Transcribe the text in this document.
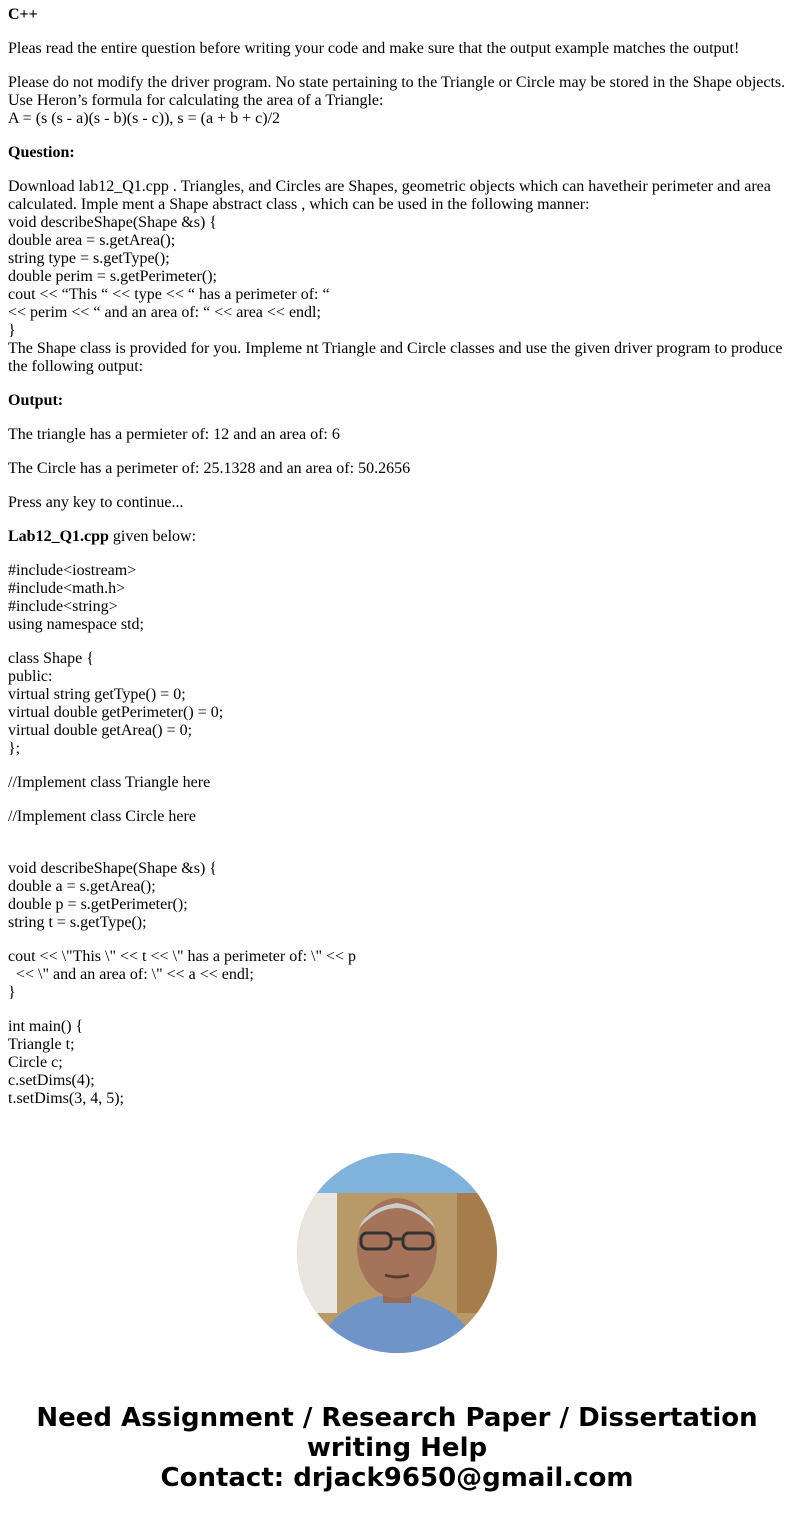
C++
Pleas read the entire question before writing your code and make sure that the output example matches the output!
Please do not modify the driver program. No state pertaining to the Triangle or Circle may be stored in the Shape objects.
Use Heron’s formula for calculating the area of a Triangle:
A = (s (s - a)(s - b)(s - c)), s = (a + b + c)/2
Question:
Download lab12_Q1.cpp . Triangles, and Circles are Shapes, geometric objects which can havetheir perimeter and area calculated. Imple ment a Shape abstract class , which can be used in the following manner:
void describeShape(Shape &s) {
double area = s.getArea();
string type = s.getType();
double perim = s.getPerimeter();
cout << “This “ << type << “ has a perimeter of: “
<< perim << “ and an area of: “ << area << endl;
}
The Shape class is provided for you. Impleme nt Triangle and Circle classes and use the given driver program to produce the following output:
Output:
The triangle has a permieter of: 12 and an area of: 6
The Circle has a perimeter of: 25.1328 and an area of: 50.2656
Press any key to continue...
Lab12_Q1.cpp given below:
#include<iostream>
#include<math.h>
#include<string>
using namespace std;
class Shape {
public:
virtual string getType() = 0;
virtual double getPerimeter() = 0;
virtual double getArea() = 0;
};
//Implement class Triangle here
//Implement class Circle here
void describeShape(Shape &s) {
double a = s.getArea();
double p = s.getPerimeter();
string t = s.getType();
cout << \"This \" << t << \" has a perimeter of: \" << p
<< \" and an area of: \" << a << endl;
}
int main() {
Triangle t;
Circle c;
c.setDims(4);
t.setDims(3, 4, 5);
Need Assignment / Research Paper / Dissertation
writing Help
Contact: drjack9650@gmail.com
